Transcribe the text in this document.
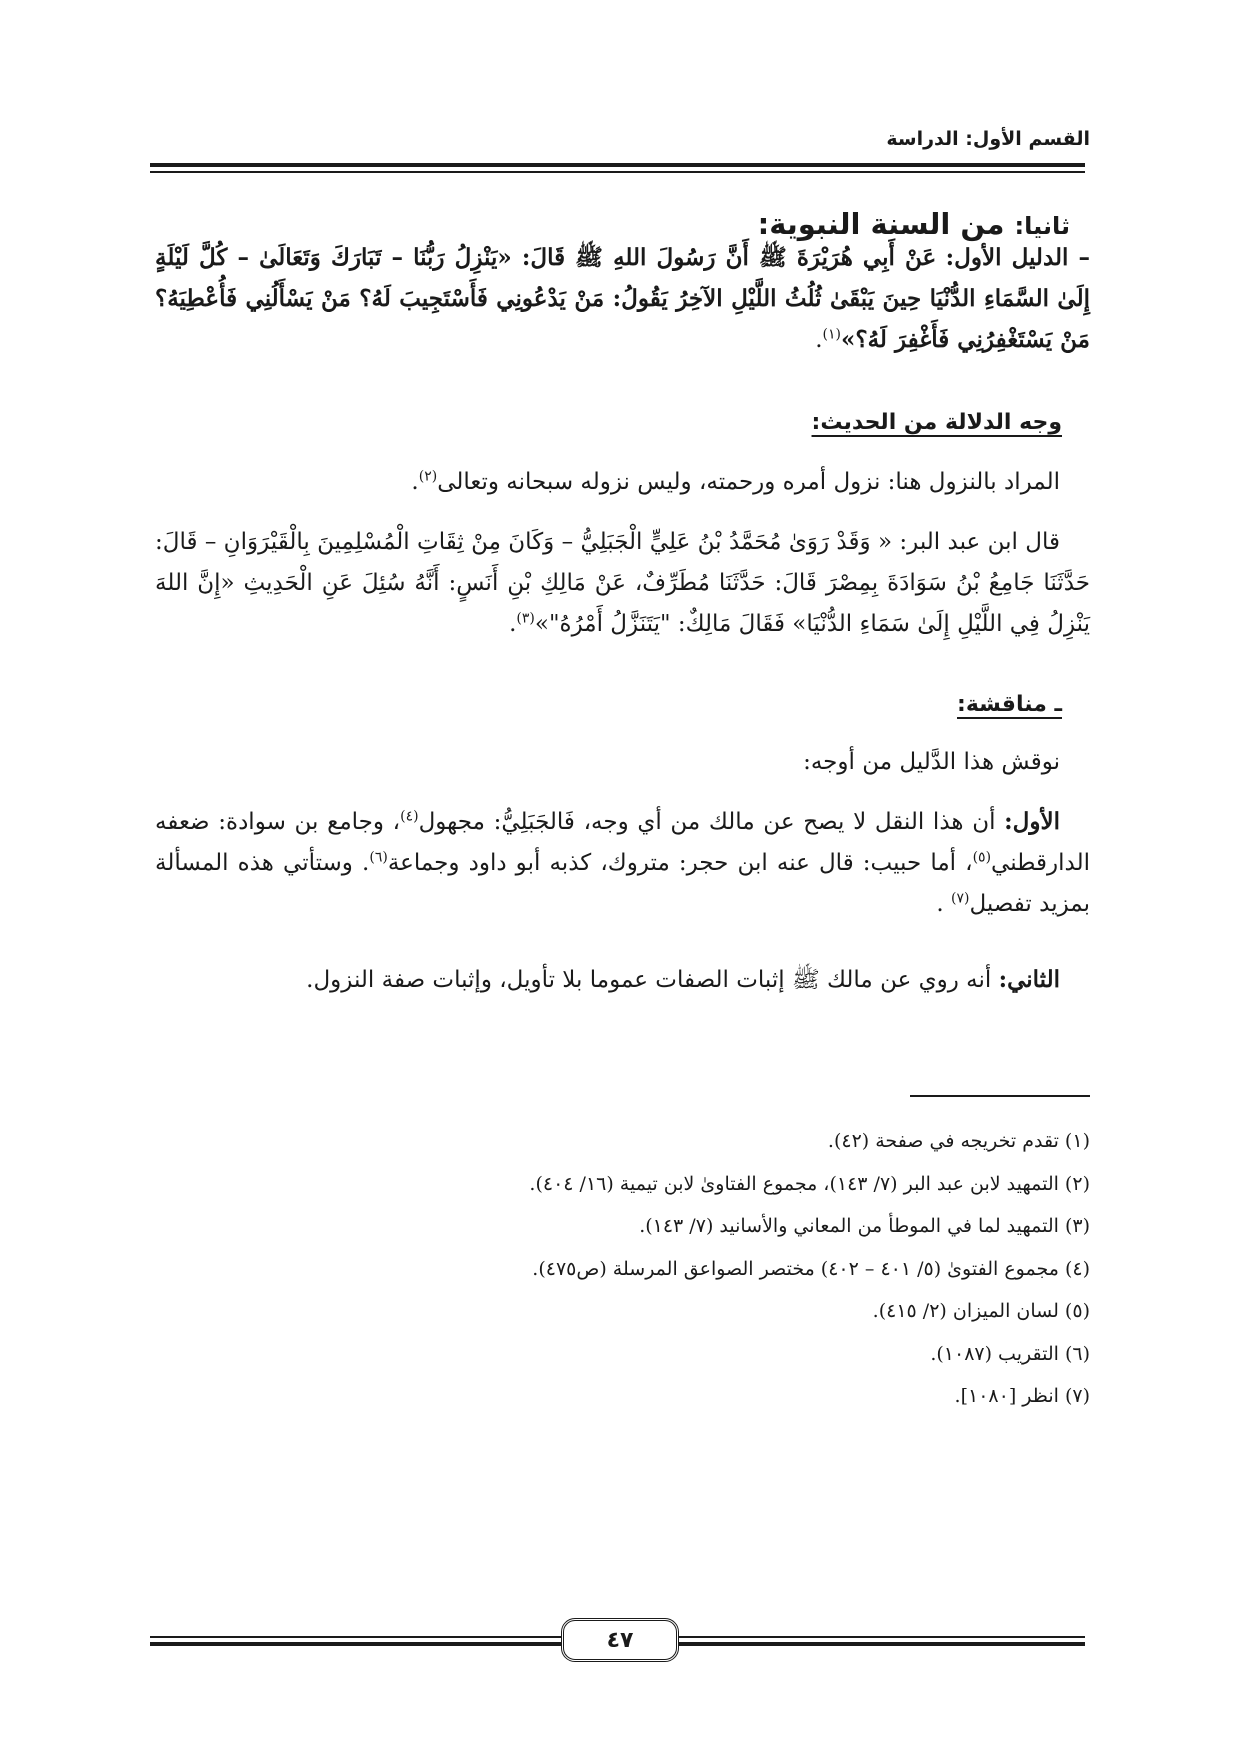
القسم الأول: الدراسة
ثانيا: من السنة النبوية:

– الدليل الأول: عَنْ أَبِي هُرَيْرَةَ ﷺ أَنَّ رَسُولَ اللهِ ﷺ قَالَ: «يَنْزِلُ رَبُّنَا – تَبَارَكَ وَتَعَالَىٰ – كُلَّ لَيْلَةٍ إِلَىٰ السَّمَاءِ الدُّنْيَا حِينَ يَبْقَىٰ ثُلُثُ اللَّيْلِ الآخِرُ يَقُولُ: مَنْ يَدْعُونِي فَأَسْتَجِيبَ لَهُ؟ مَنْ يَسْأَلُنِي فَأُعْطِيَهُ؟ مَنْ يَسْتَغْفِرُنِي فَأَغْفِرَ لَهُ؟»$^{(١)}$.

وجه الدلالة من الحديث:

المراد بالنزول هنا: نزول أمره ورحمته، وليس نزوله سبحانه وتعالى$^{(٢)}$.

قال ابن عبد البر: « وَقَدْ رَوَىٰ مُحَمَّدُ بْنُ عَلِيٍّ الْجَبَلِيُّ – وَكَانَ مِنْ ثِقَاتِ الْمُسْلِمِينَ بِالْقَيْرَوَانِ – قَالَ: حَدَّثَنَا جَامِعُ بْنُ سَوَادَةَ بِمِصْرَ قَالَ: حَدَّثَنَا مُطَرِّفٌ، عَنْ مَالِكِ بْنِ أَنَسٍ: أَنَّهُ سُئِلَ عَنِ الْحَدِيثِ «إِنَّ اللهَ يَنْزِلُ فِي اللَّيْلِ إِلَىٰ سَمَاءِ الدُّنْيَا» فَقَالَ مَالِكٌ: "يَتَنَزَّلُ أَمْرُهُ"»$^{(٣)}$.

ـ مناقشة:

نوقش هذا الدَّليل من أوجه:

الأول: أن هذا النقل لا يصح عن مالك من أي وجه، فَالجَبَلِيُّ: مجهول$^{(٤)}$، وجامع بن سوادة: ضعفه الدارقطني$^{(٥)}$، أما حبيب: قال عنه ابن حجر: متروك، كذبه أبو داود وجماعة$^{(٦)}$. وستأتي هذه المسألة بمزيد تفصيل$^{(٧)}$ .

الثاني: أنه روي عن مالك ﷺ إثبات الصفات عموما بلا تأويل، وإثبات صفة النزول.

(١) تقدم تخريجه في صفحة (٤٢).
(٢) التمهيد لابن عبد البر (٧/ ١٤٣)، مجموع الفتاوىٰ لابن تيمية (١٦/ ٤٠٤).
(٣) التمهيد لما في الموطأ من المعاني والأسانيد (٧/ ١٤٣).
(٤) مجموع الفتوىٰ (٥/ ٤٠١ – ٤٠٢) مختصر الصواعق المرسلة (ص٤٧٥).
(٥) لسان الميزان (٢/ ٤١٥).
(٦) التقريب (١٠٨٧).
(٧) انظر [١٠٨٠].
٤٧
